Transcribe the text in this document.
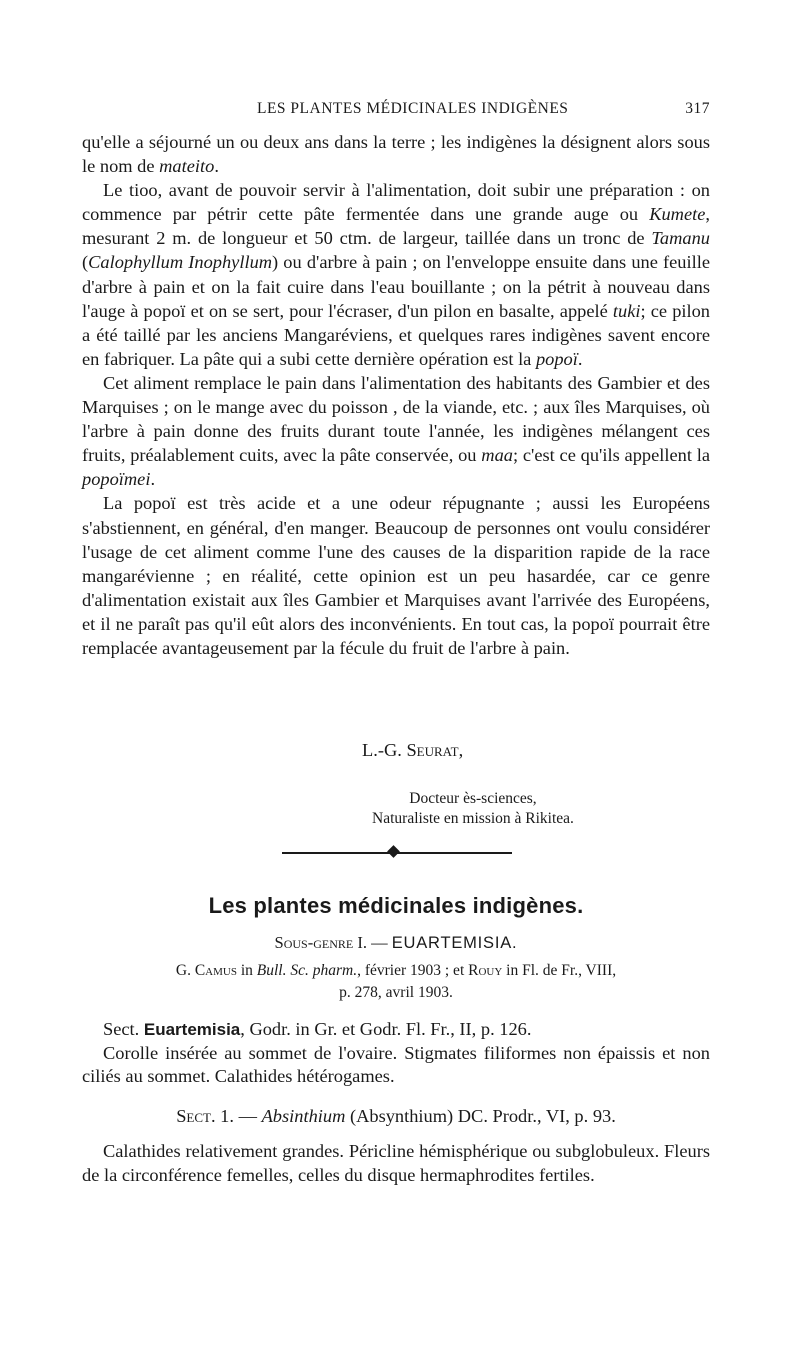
LES PLANTES MÉDICINALES INDIGÈNES	317

qu'elle a séjourné un ou deux ans dans la terre ; les indigènes la désignent alors sous le nom de mateito.

Le tioo, avant de pouvoir servir à l'alimentation, doit subir une préparation : on commence par pétrir cette pâte fermentée dans une grande auge ou Kumete, mesurant 2 m. de longueur et 50 ctm. de largeur, taillée dans un tronc de Tamanu (Calophyllum Inophyllum) ou d'arbre à pain ; on l'enveloppe ensuite dans une feuille d'arbre à pain et on la fait cuire dans l'eau bouillante ; on la pétrit à nouveau dans l'auge à popoï et on se sert, pour l'écraser, d'un pilon en basalte, appelé tuki; ce pilon a été taillé par les anciens Mangaréviens, et quelques rares indigènes savent encore en fabriquer. La pâte qui a subi cette dernière opération est la popoï.

Cet aliment remplace le pain dans l'alimentation des habitants des Gambier et des Marquises ; on le mange avec du poisson , de la viande, etc. ; aux îles Marquises, où l'arbre à pain donne des fruits durant toute l'année, les indigènes mélangent ces fruits, préalablement cuits, avec la pâte conservée, ou maa; c'est ce qu'ils appellent la popoïmei.

La popoï est très acide et a une odeur répugnante ; aussi les Européens s'abstiennent, en général, d'en manger. Beaucoup de personnes ont voulu considérer l'usage de cet aliment comme l'une des causes de la disparition rapide de la race mangarévienne ; en réalité, cette opinion est un peu hasardée, car ce genre d'alimentation existait aux îles Gambier et Marquises avant l'arrivée des Européens, et il ne paraît pas qu'il eût alors des inconvénients. En tout cas, la popoï pourrait être remplacée avantageusement par la fécule du fruit de l'arbre à pain.

L.-G. Seurat,
Docteur ès-sciences,
Naturaliste en mission à Rikitea.
Les plantes médicinales indigènes.
Sous-genre I. — EUARTEMISIA.
G. Camus in Bull. Sc. pharm., février 1903 ; et Rouy in Fl. de Fr., VIII,
p. 278, avril 1903.

Sect. Euartemisia, Godr. in Gr. et Godr. Fl. Fr., II, p. 126.

Corolle insérée au sommet de l'ovaire. Stigmates filiformes non épaissis et non ciliés au sommet. Calathides hétérogames.

Sect. 1. — Absinthium (Absynthium) DC. Prodr., VI, p. 93.

Calathides relativement grandes. Péricline hémisphérique ou subglobuleux. Fleurs de la circonférence femelles, celles du disque hermaphrodites fertiles.
